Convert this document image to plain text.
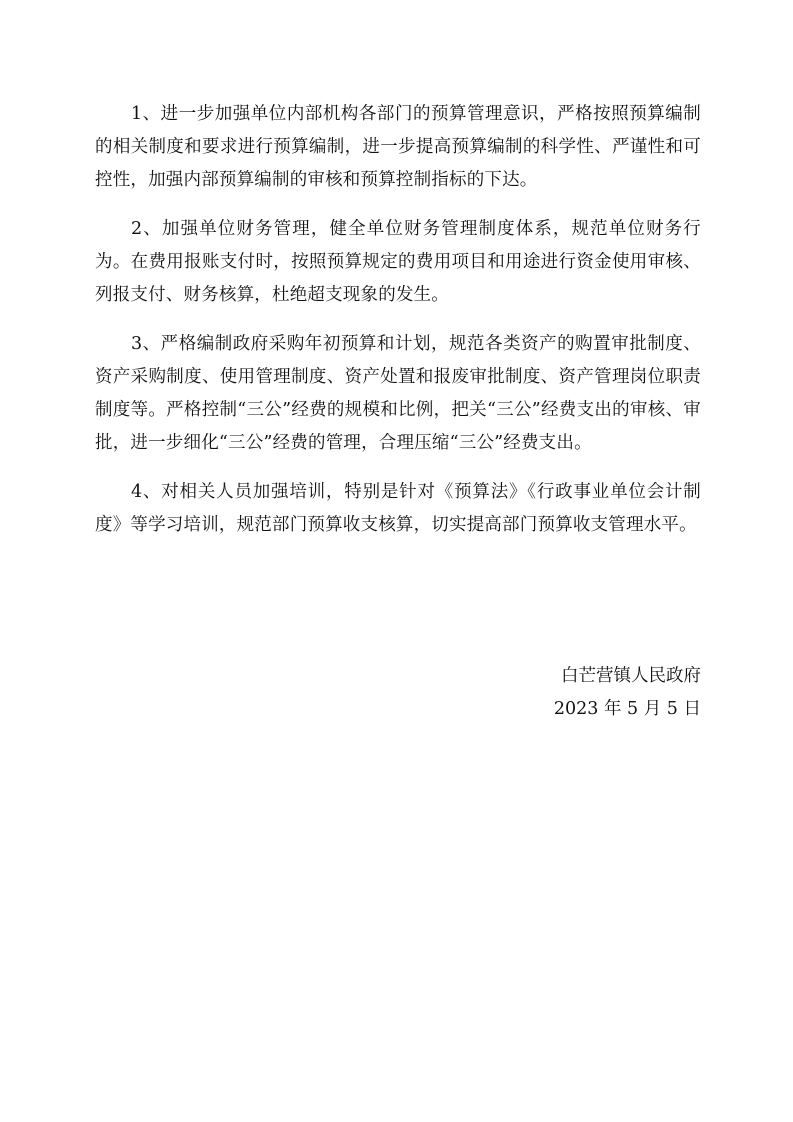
1、进一步加强单位内部机构各部门的预算管理意识，严格按照预算编制的相关制度和要求进行预算编制，进一步提高预算编制的科学性、严谨性和可控性，加强内部预算编制的审核和预算控制指标的下达。

2、加强单位财务管理，健全单位财务管理制度体系，规范单位财务行为。在费用报账支付时，按照预算规定的费用项目和用途进行资金使用审核、列报支付、财务核算，杜绝超支现象的发生。

3、严格编制政府采购年初预算和计划，规范各类资产的购置审批制度、资产采购制度、使用管理制度、资产处置和报废审批制度、资产管理岗位职责制度等。严格控制“三公”经费的规模和比例，把关“三公”经费支出的审核、审批，进一步细化“三公”经费的管理，合理压缩“三公”经费支出。

4、对相关人员加强培训，特别是针对《预算法》《行政事业单位会计制度》等学习培训，规范部门预算收支核算，切实提高部门预算收支管理水平。

白芒营镇人民政府
2023 年 5 月 5 日
